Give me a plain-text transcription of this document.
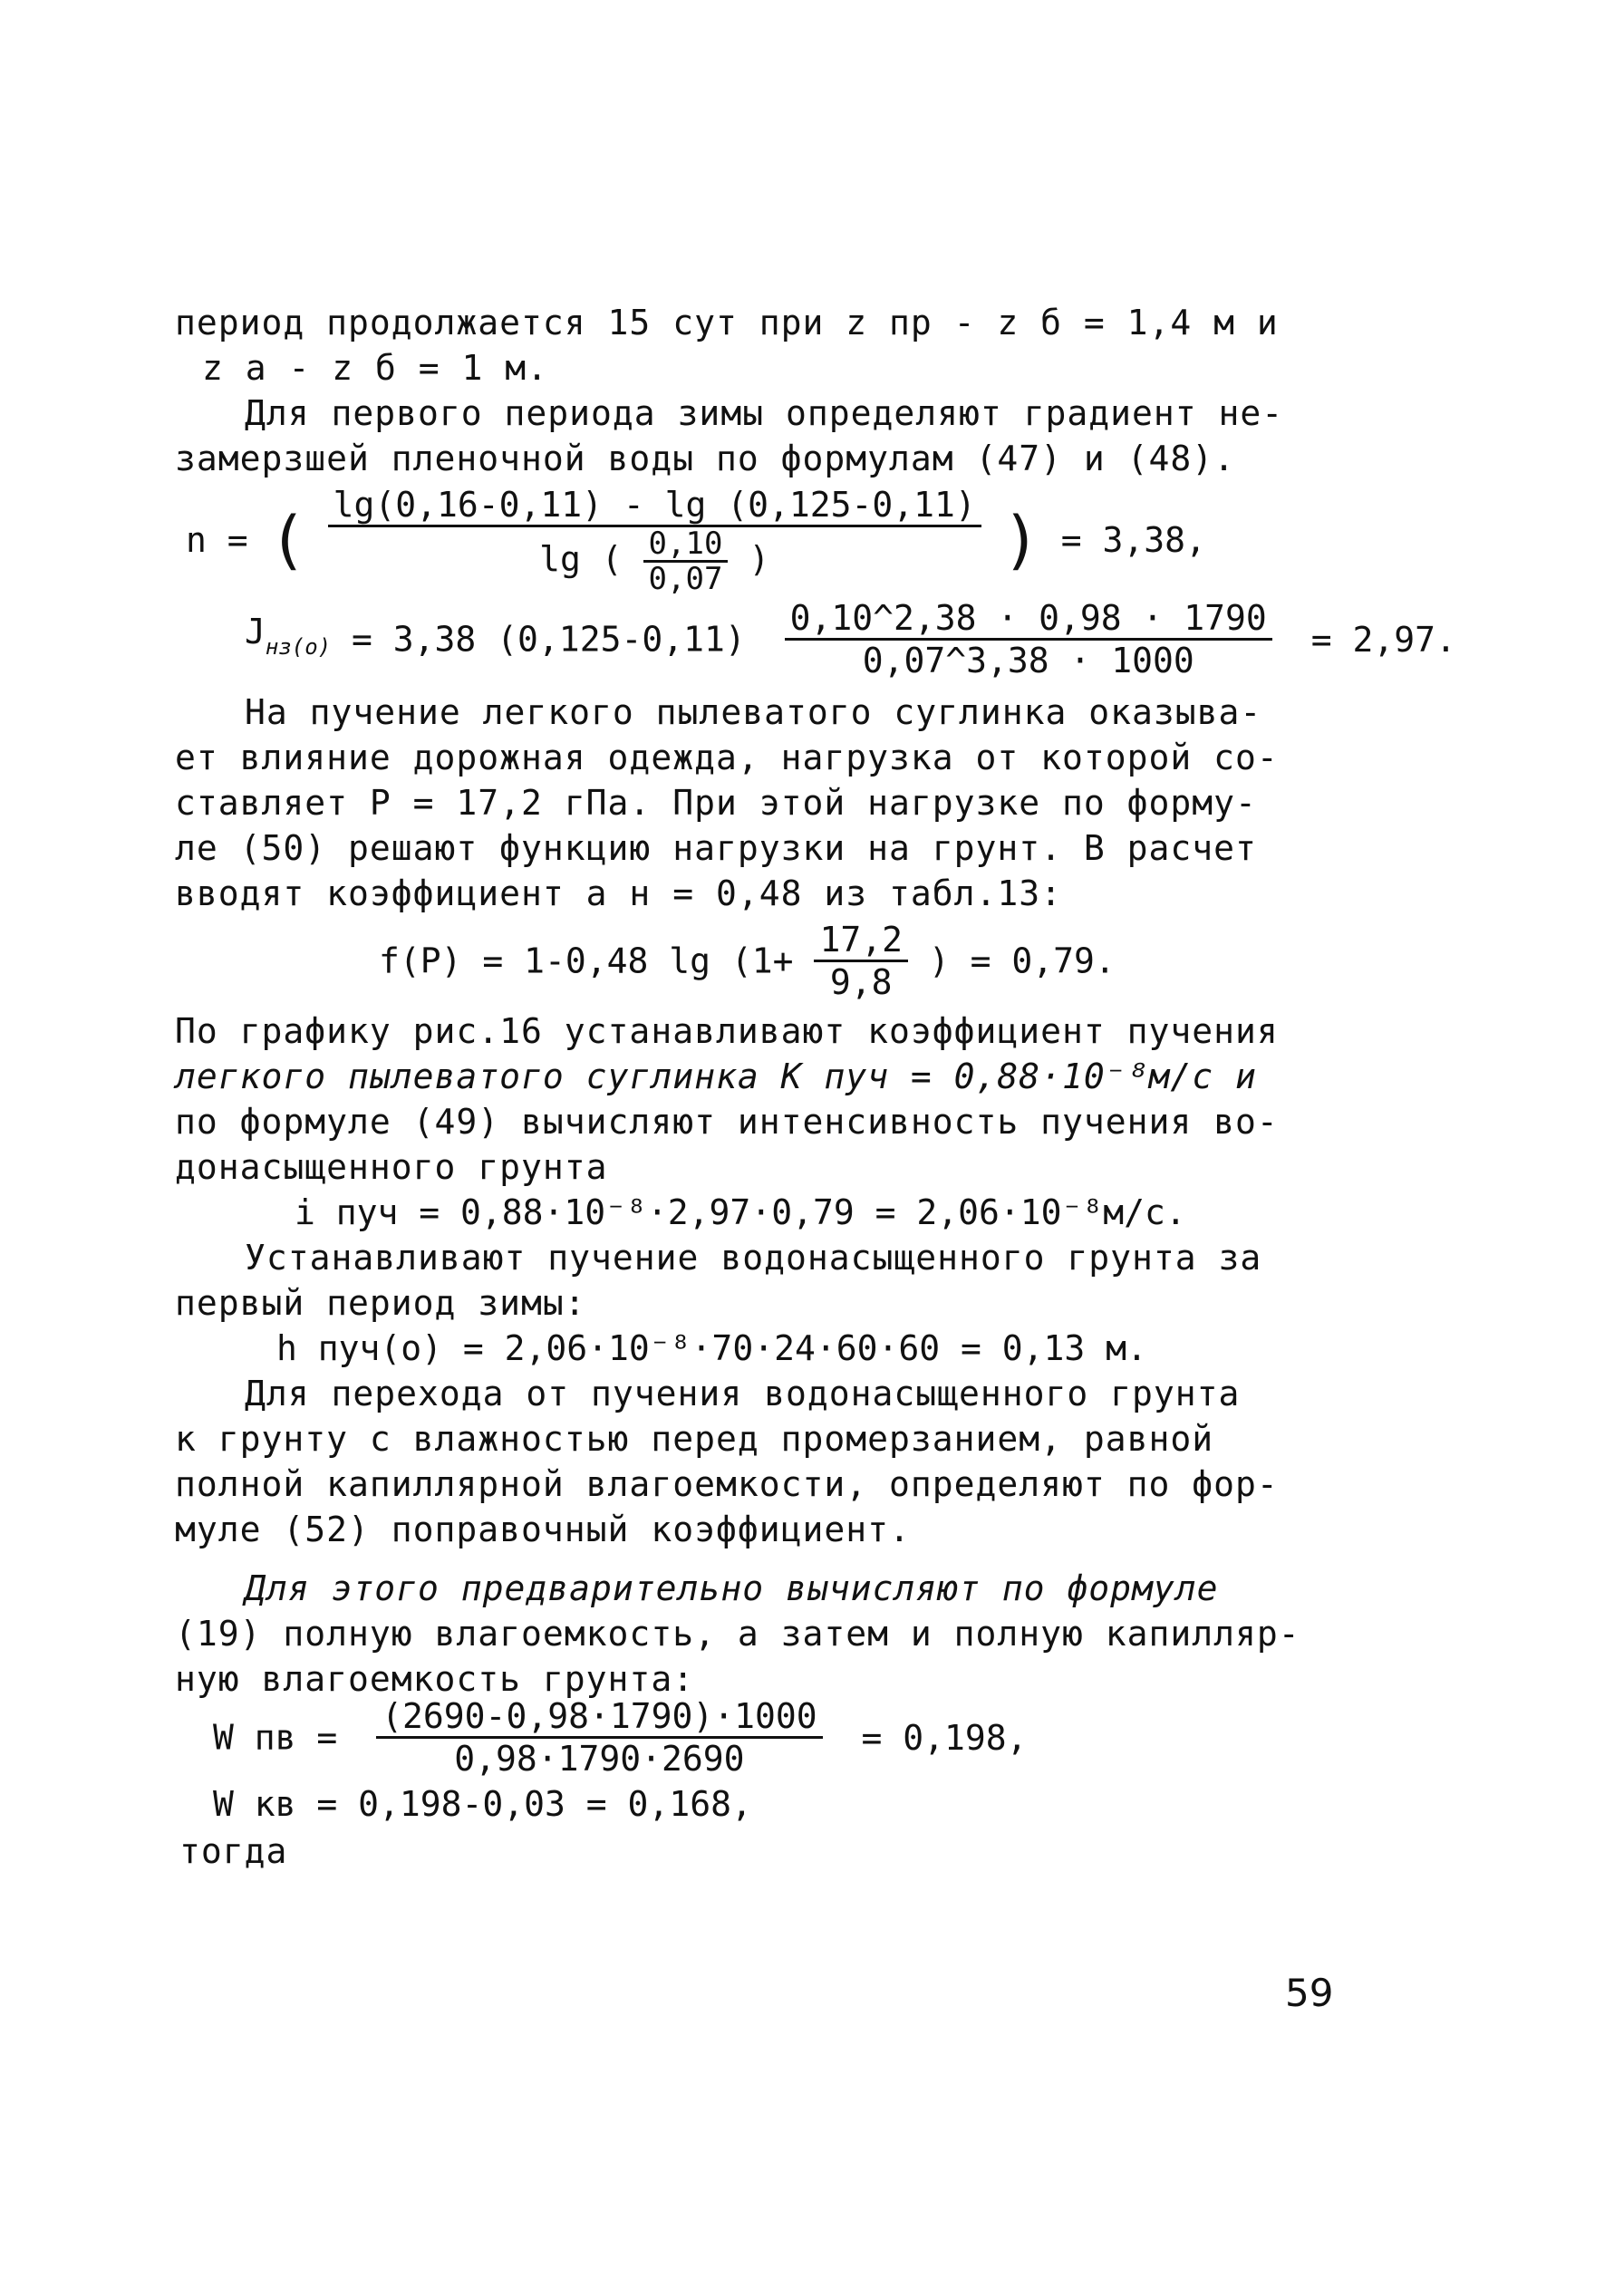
период продолжается 15 сут при z пр - z б = 1,4 м и
z а - z б = 1 м.
Для первого периода зимы определяют градиент не-
замерзшей пленочной воды по формулам (47) и (48).
n = ( $\frac{\lg(0,16-0,11) - \lg (0,125-0,11)}{\lg ( \frac{0,10}{0,07} )}$ ) = 3,38,
$J_{нз(о)} = 3,38$ $(0,125-0,11) \frac{0,10\^{}2,38 \cdot 0,98 \cdot 1790}{0,07\^{}3,38 \cdot 1000} = 2,97$.
На пучение легкого пылеватого суглинка оказыва-
ет влияние дорожная одежда, нагрузка от которой со-
ставляет Р = 17,2 гПа. При этой нагрузке по форму-
ле (50) решают функцию нагрузки на грунт. В расчет
вводят коэффициент а н = 0,48 из табл.13:
f(P) = 1-0,48 $\lg (1+ \frac{17,2}{9,8}$ ) = 0,79.
По графику рис.16 устанавливают коэффициент пучения
легкого пылеватого суглинка K пуч = 0,88·10⁻⁸м/с и
по формуле (49) вычисляют интенсивность пучения во-
донасыщенного грунта
i пуч = 0,88·10⁻⁸·2,97·0,79 = 2,06·10⁻⁸м/с.
Устанавливают пучение водонасыщенного грунта за
первый период зимы:
h пуч(о) = 2,06·10⁻⁸·70·24·60·60 = 0,13 м.
Для перехода от пучения водонасыщенного грунта
к грунту с влажностью перед промерзанием, равной
полной капиллярной влагоемкости, определяют по фор-
муле (52) поправочный коэффициент.
Для этого предварительно вычисляют по формуле
(19) полную влагоемкость, а затем и полную капилляр-
ную влагоемкость грунта:
W пв = $\frac{(2690-0,98\cdot 1790)\cdot 1000}{0,98\cdot 1790\cdot 2690} = 0,198$,
W кв = 0,198-0,03 = 0,168,
тогда
59
